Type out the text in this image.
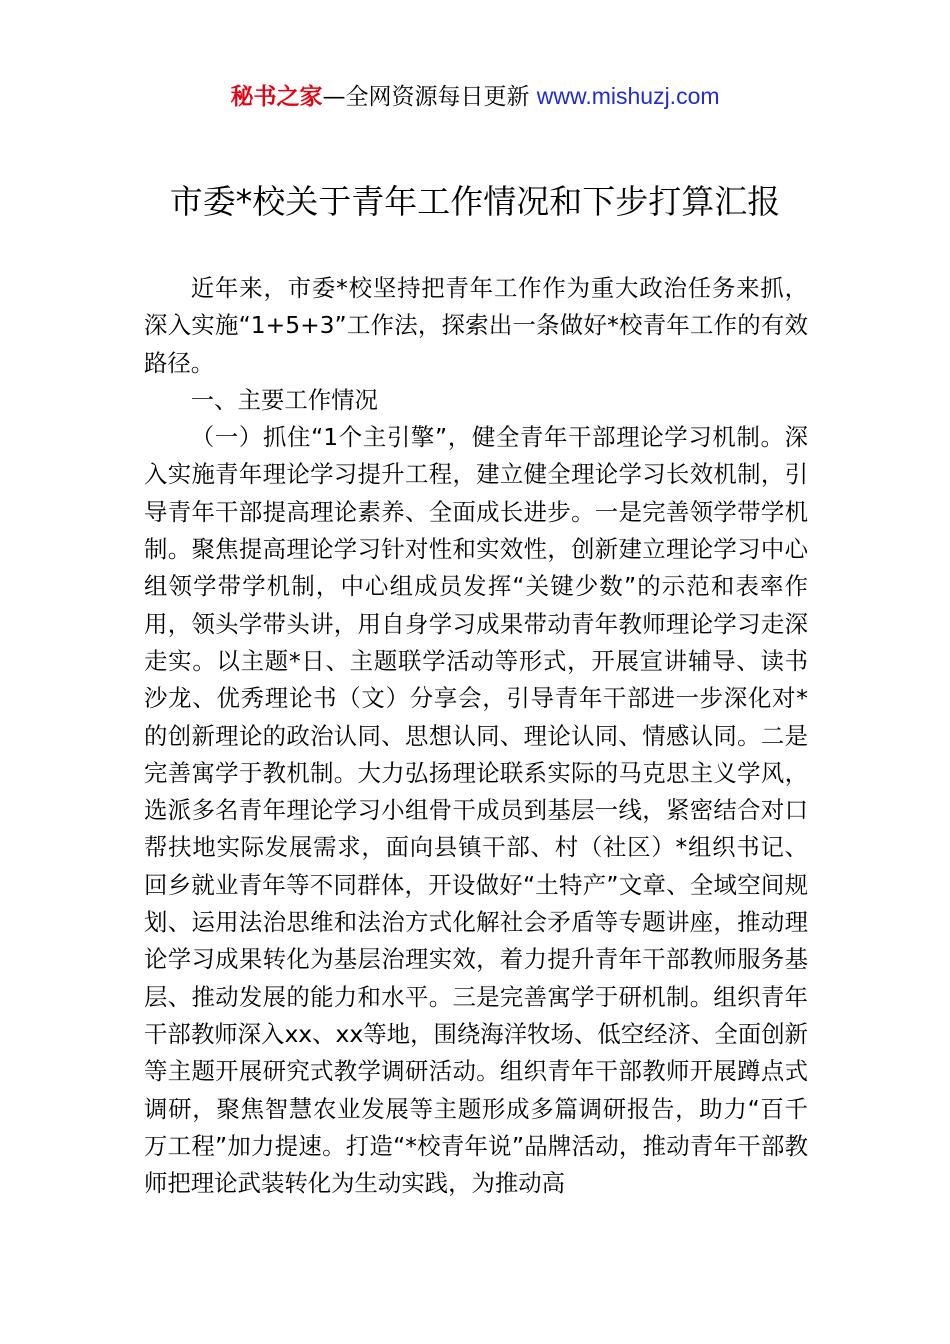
秘书之家—全网资源每日更新 www.mishuzj.com
市委*校关于青年工作情况和下步打算汇报

近年来，市委*校坚持把青年工作作为重大政治任务来抓，深入实施“1+5+3”工作法，探索出一条做好*校青年工作的有效路径。

一、主要工作情况

（一）抓住“1个主引擎”，健全青年干部理论学习机制。深入实施青年理论学习提升工程，建立健全理论学习长效机制，引导青年干部提高理论素养、全面成长进步。一是完善领学带学机制。聚焦提高理论学习针对性和实效性，创新建立理论学习中心组领学带学机制，中心组成员发挥“关键少数”的示范和表率作用，领头学带头讲，用自身学习成果带动青年教师理论学习走深走实。以主题*日、主题联学活动等形式，开展宣讲辅导、读书沙龙、优秀理论书（文）分享会，引导青年干部进一步深化对*的创新理论的政治认同、思想认同、理论认同、情感认同。二是完善寓学于教机制。大力弘扬理论联系实际的马克思主义学风，选派多名青年理论学习小组骨干成员到基层一线，紧密结合对口帮扶地实际发展需求，面向县镇干部、村（社区）*组织书记、回乡就业青年等不同群体，开设做好“土特产”文章、全域空间规划、运用法治思维和法治方式化解社会矛盾等专题讲座，推动理论学习成果转化为基层治理实效，着力提升青年干部教师服务基层、推动发展的能力和水平。三是完善寓学于研机制。组织青年干部教师深入xx、xx等地，围绕海洋牧场、低空经济、全面创新等主题开展研究式教学调研活动。组织青年干部教师开展蹲点式调研，聚焦智慧农业发展等主题形成多篇调研报告，助力“百千万工程”加力提速。打造“*校青年说”品牌活动，推动青年干部教师把理论武装转化为生动实践，为推动高
